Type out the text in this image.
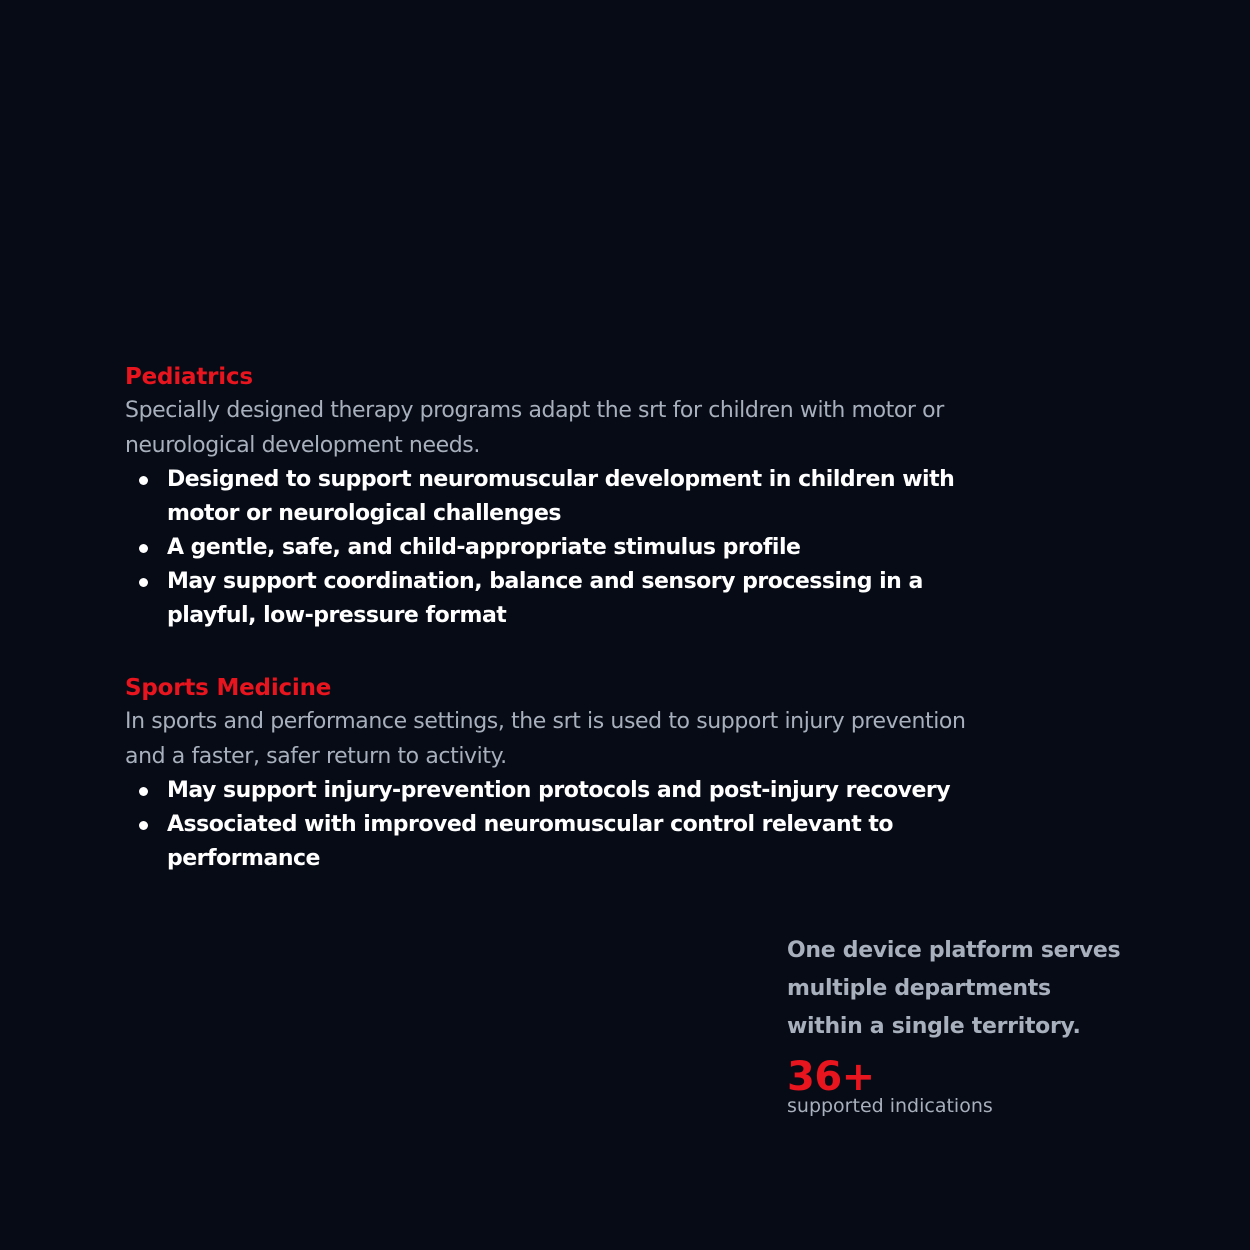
Pediatrics

Specially designed therapy programs adapt the srt for children with motor or neurological development needs.

Designed to support neuromuscular development in children with motor or neurological challenges
A gentle, safe, and child-appropriate stimulus profile
May support coordination, balance and sensory processing in a playful, low-pressure format
Sports Medicine

In sports and performance settings, the srt is used to support injury prevention and a faster, safer return to activity.

May support injury-prevention protocols and post-injury recovery
Associated with improved neuromuscular control relevant to performance

One device platform serves multiple departments within a single territory.

36+
supported indications
